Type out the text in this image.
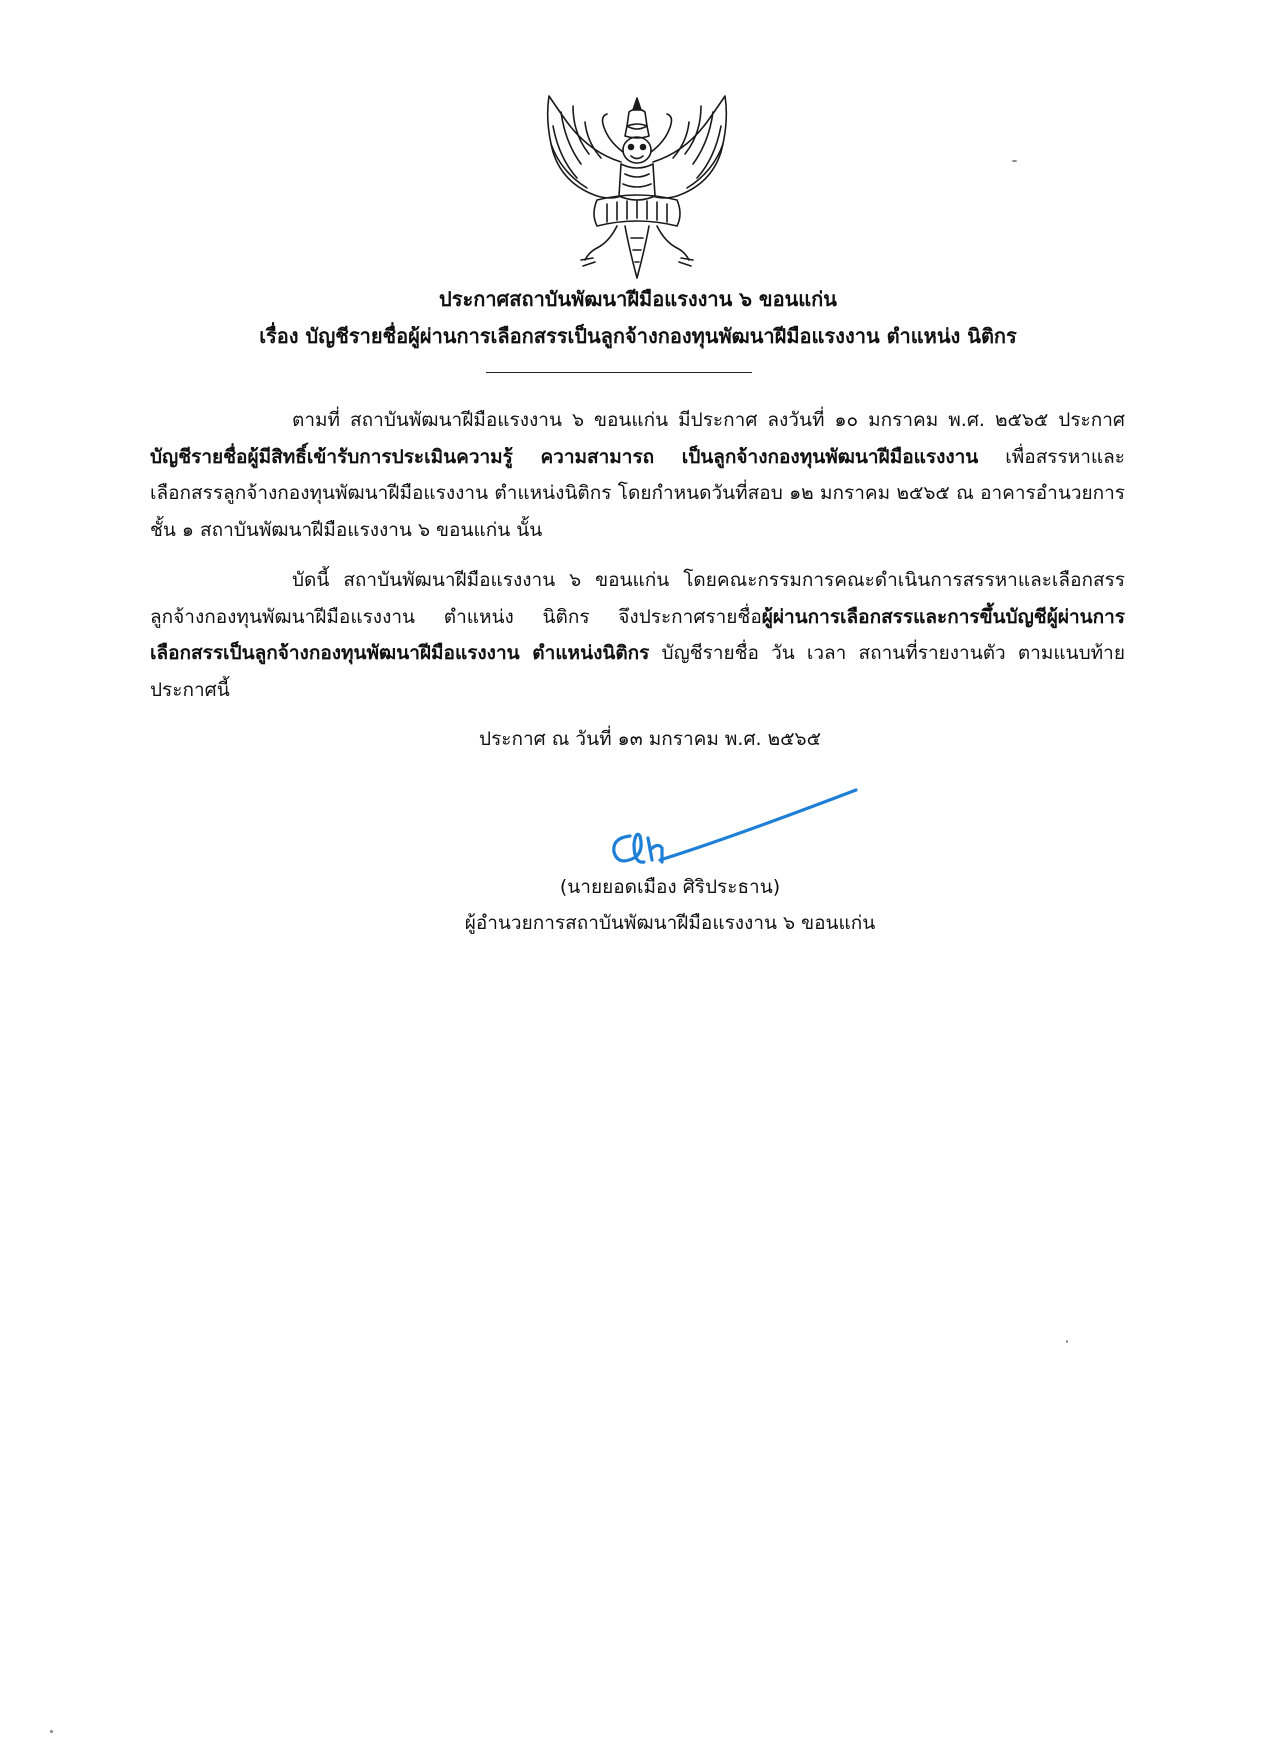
ประกาศสถาบันพัฒนาฝีมือแรงงาน ๖ ขอนแก่น
เรื่อง บัญชีรายชื่อผู้ผ่านการเลือกสรรเป็นลูกจ้างกองทุนพัฒนาฝีมือแรงงาน ตำแหน่ง นิติกร
ตามที่ สถาบันพัฒนาฝีมือแรงงาน ๖ ขอนแก่น มีประกาศ ลงวันที่ ๑๐ มกราคม พ.ศ. ๒๕๖๕ ประกาศบัญชีรายชื่อผู้มีสิทธิ์เข้ารับการประเมินความรู้ ความสามารถ เป็นลูกจ้างกองทุนพัฒนาฝีมือแรงงาน เพื่อสรรหาและเลือกสรรลูกจ้างกองทุนพัฒนาฝีมือแรงงาน ตำแหน่งนิติกร โดยกำหนดวันที่สอบ ๑๒ มกราคม ๒๕๖๕ ณ อาคารอำนวยการชั้น ๑ สถาบันพัฒนาฝีมือแรงงาน ๖ ขอนแก่น นั้น
บัดนี้ สถาบันพัฒนาฝีมือแรงงาน ๖ ขอนแก่น โดยคณะกรรมการคณะดำเนินการสรรหาและเลือกสรรลูกจ้างกองทุนพัฒนาฝีมือแรงงาน ตำแหน่ง นิติกร จึงประกาศรายชื่อผู้ผ่านการเลือกสรรและการขึ้นบัญชีผู้ผ่านการเลือกสรรเป็นลูกจ้างกองทุนพัฒนาฝีมือแรงงาน ตำแหน่งนิติกร บัญชีรายชื่อ วัน เวลา สถานที่รายงานตัว ตามแนบท้ายประกาศนี้
ประกาศ ณ วันที่ ๑๓ มกราคม พ.ศ. ๒๕๖๕
(นายยอดเมือง ศิริประธาน)
ผู้อำนวยการสถาบันพัฒนาฝีมือแรงงาน ๖ ขอนแก่น
